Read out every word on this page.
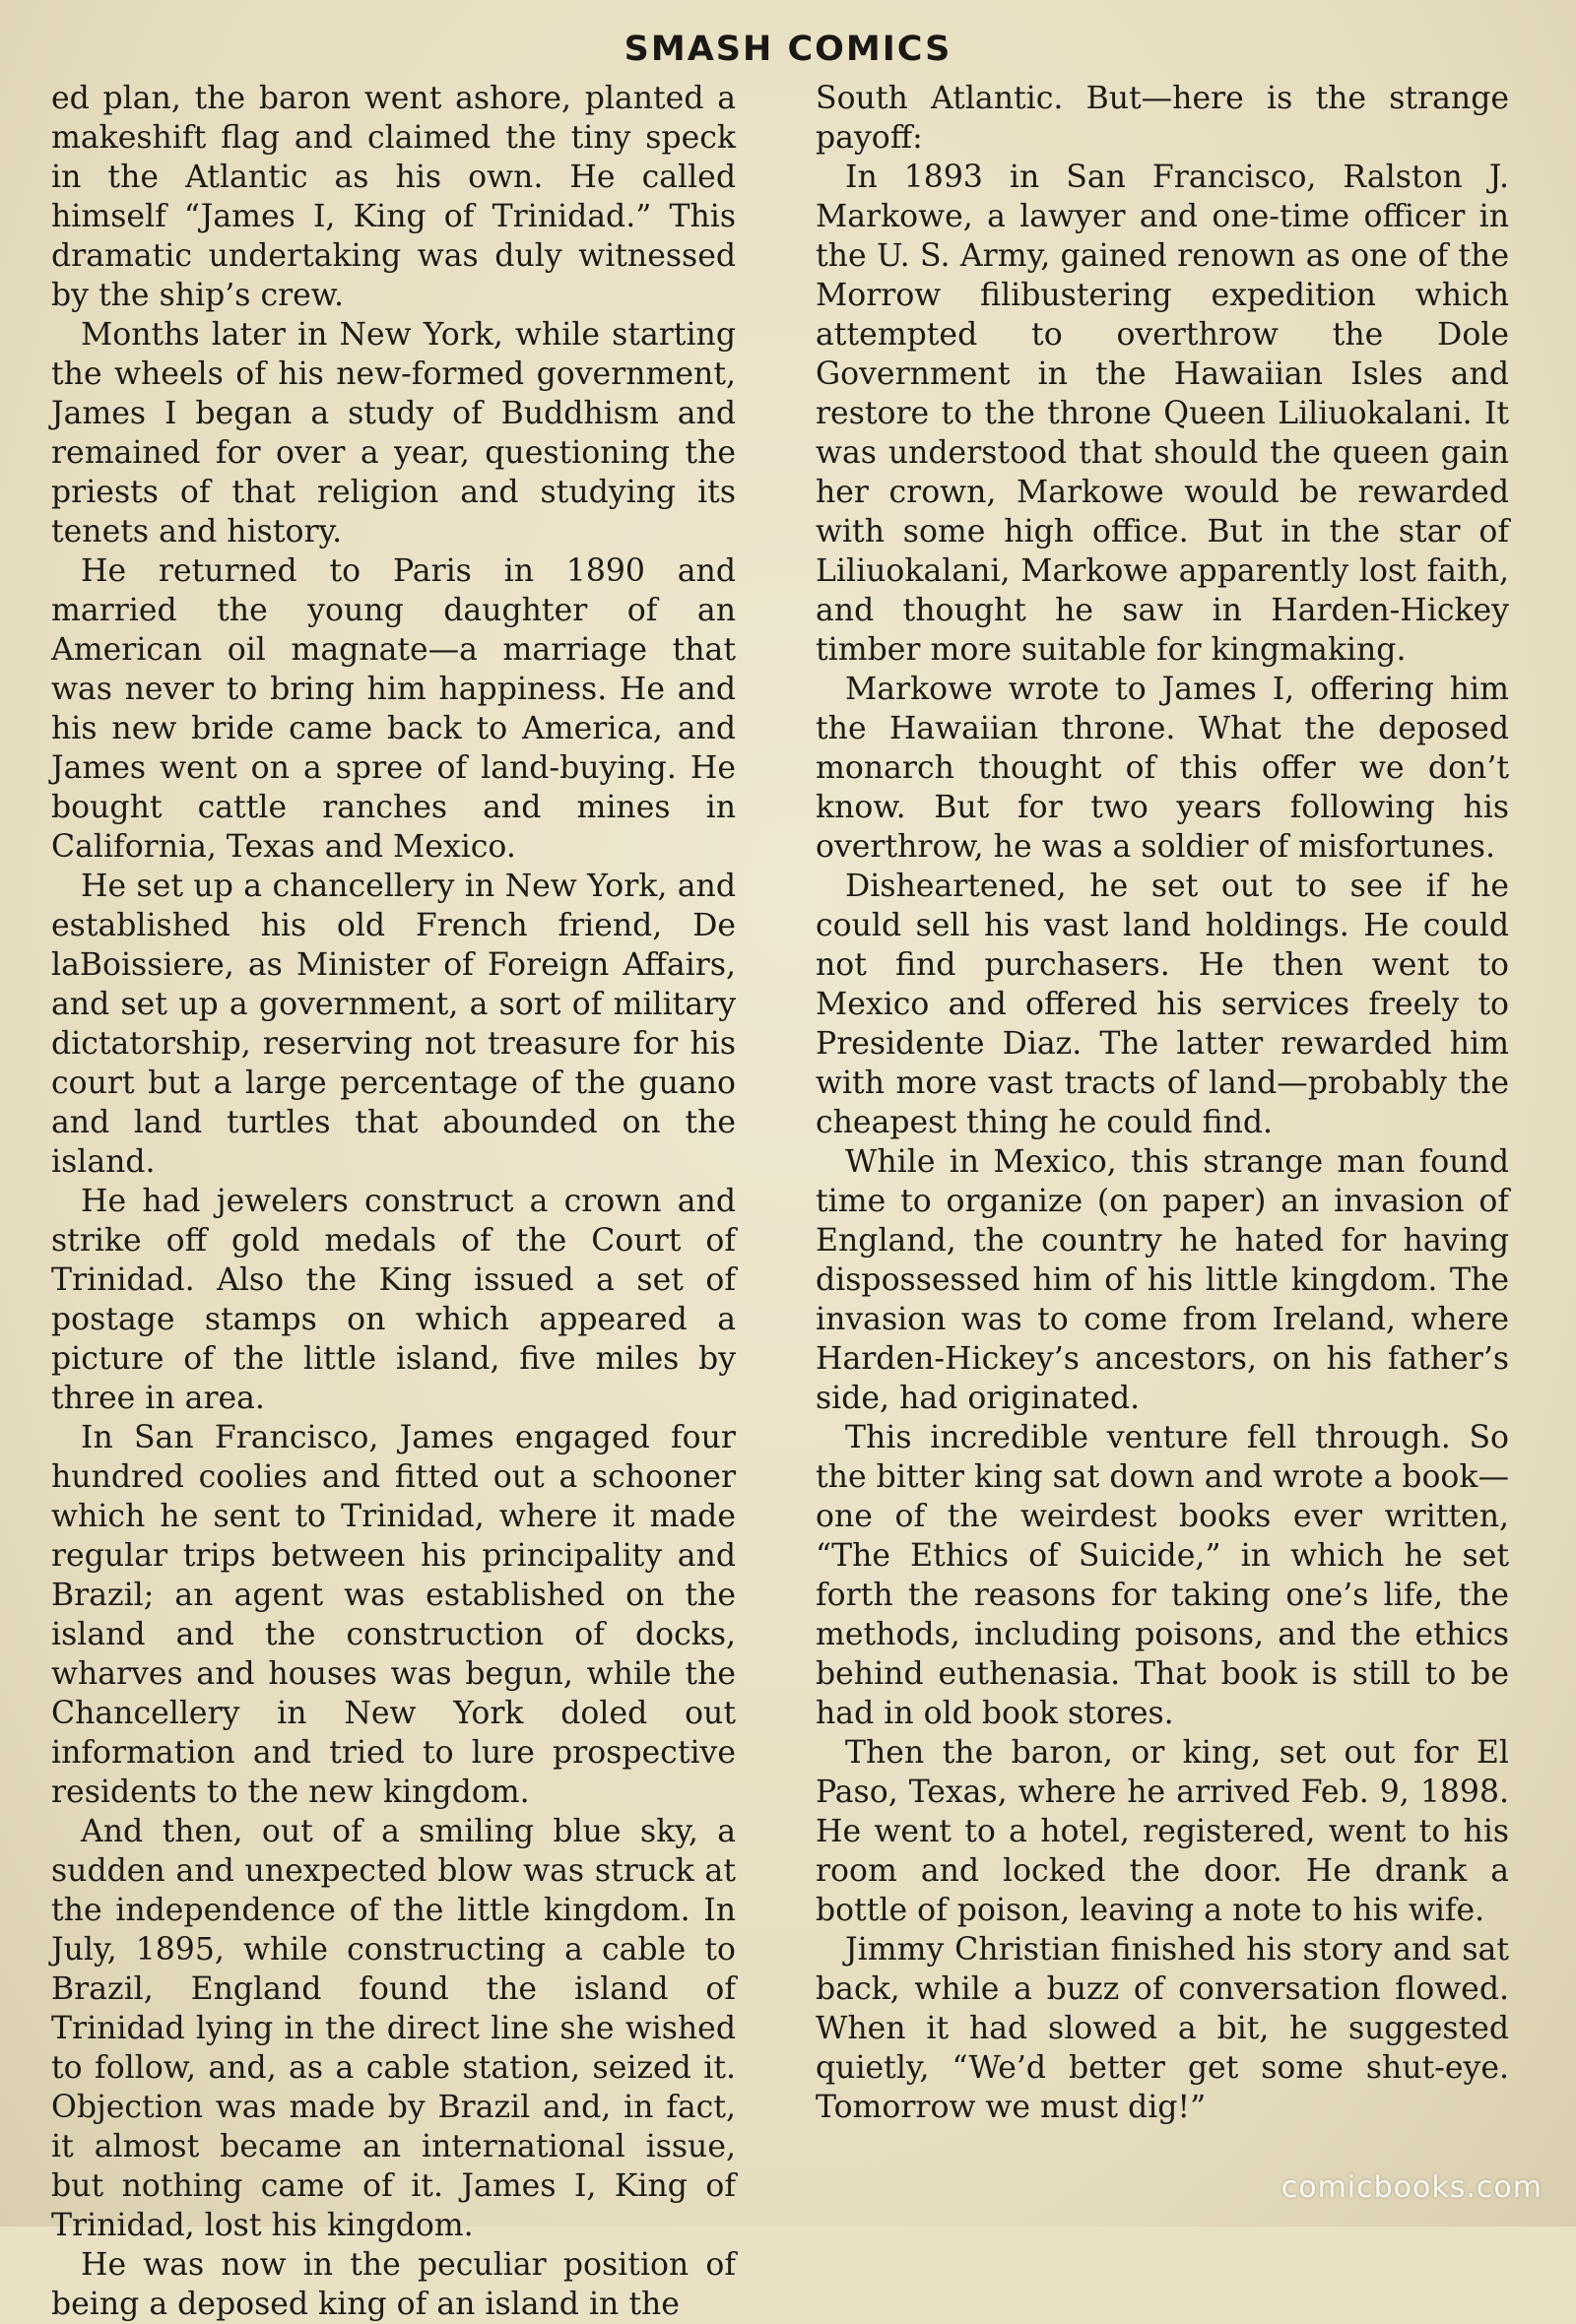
SMASH COMICS

ed plan, the baron went ashore, planted a makeshift flag and claimed the tiny speck in the Atlantic as his own. He called himself “James I, King of Trinidad.” This dramatic undertaking was duly witnessed by the ship’s crew.

Months later in New York, while starting the wheels of his new-formed government, James I began a study of Buddhism and remained for over a year, questioning the priests of that religion and studying its tenets and history.

He returned to Paris in 1890 and married the young daughter of an American oil magnate—a marriage that was never to bring him happiness. He and his new bride came back to America, and James went on a spree of land-buying. He bought cattle ranches and mines in California, Texas and Mexico.

He set up a chancellery in New York, and established his old French friend, De laBoissiere, as Minister of Foreign Affairs, and set up a government, a sort of military dictatorship, reserving not treasure for his court but a large percentage of the guano and land turtles that abounded on the island.

He had jewelers construct a crown and strike off gold medals of the Court of Trinidad. Also the King issued a set of postage stamps on which appeared a picture of the little island, five miles by three in area.

In San Francisco, James engaged four hundred coolies and fitted out a schooner which he sent to Trinidad, where it made regular trips between his principality and Brazil; an agent was established on the island and the construction of docks, wharves and houses was begun, while the Chancellery in New York doled out information and tried to lure prospective residents to the new kingdom.

And then, out of a smiling blue sky, a sudden and unexpected blow was struck at the independence of the little kingdom. In July, 1895, while constructing a cable to Brazil, England found the island of Trinidad lying in the direct line she wished to follow, and, as a cable station, seized it. Objection was made by Brazil and, in fact, it almost became an international issue, but nothing came of it. James I, King of Trinidad, lost his kingdom.

He was now in the peculiar position of being a deposed king of an island in the

South Atlantic. But—here is the strange payoff:

In 1893 in San Francisco, Ralston J. Markowe, a lawyer and one-time officer in the U. S. Army, gained renown as one of the Morrow filibustering expedition which attempted to overthrow the Dole Government in the Hawaiian Isles and restore to the throne Queen Liliuokalani. It was understood that should the queen gain her crown, Markowe would be rewarded with some high office. But in the star of Liliuokalani, Markowe apparently lost faith, and thought he saw in Harden-Hickey timber more suitable for kingmaking.

Markowe wrote to James I, offering him the Hawaiian throne. What the deposed monarch thought of this offer we don’t know. But for two years following his overthrow, he was a soldier of misfortunes.

Disheartened, he set out to see if he could sell his vast land holdings. He could not find purchasers. He then went to Mexico and offered his services freely to Presidente Diaz. The latter rewarded him with more vast tracts of land—probably the cheapest thing he could find.

While in Mexico, this strange man found time to organize (on paper) an invasion of England, the country he hated for having dispossessed him of his little kingdom. The invasion was to come from Ireland, where Harden-Hickey’s ancestors, on his father’s side, had originated.

This incredible venture fell through. So the bitter king sat down and wrote a book—one of the weirdest books ever written, “The Ethics of Suicide,” in which he set forth the reasons for taking one’s life, the methods, including poisons, and the ethics behind euthenasia. That book is still to be had in old book stores.

Then the baron, or king, set out for El Paso, Texas, where he arrived Feb. 9, 1898. He went to a hotel, registered, went to his room and locked the door. He drank a bottle of poison, leaving a note to his wife.

Jimmy Christian finished his story and sat back, while a buzz of conversation flowed. When it had slowed a bit, he suggested quietly, “We’d better get some shut-eye. Tomorrow we must dig!”

comicbooks.com
